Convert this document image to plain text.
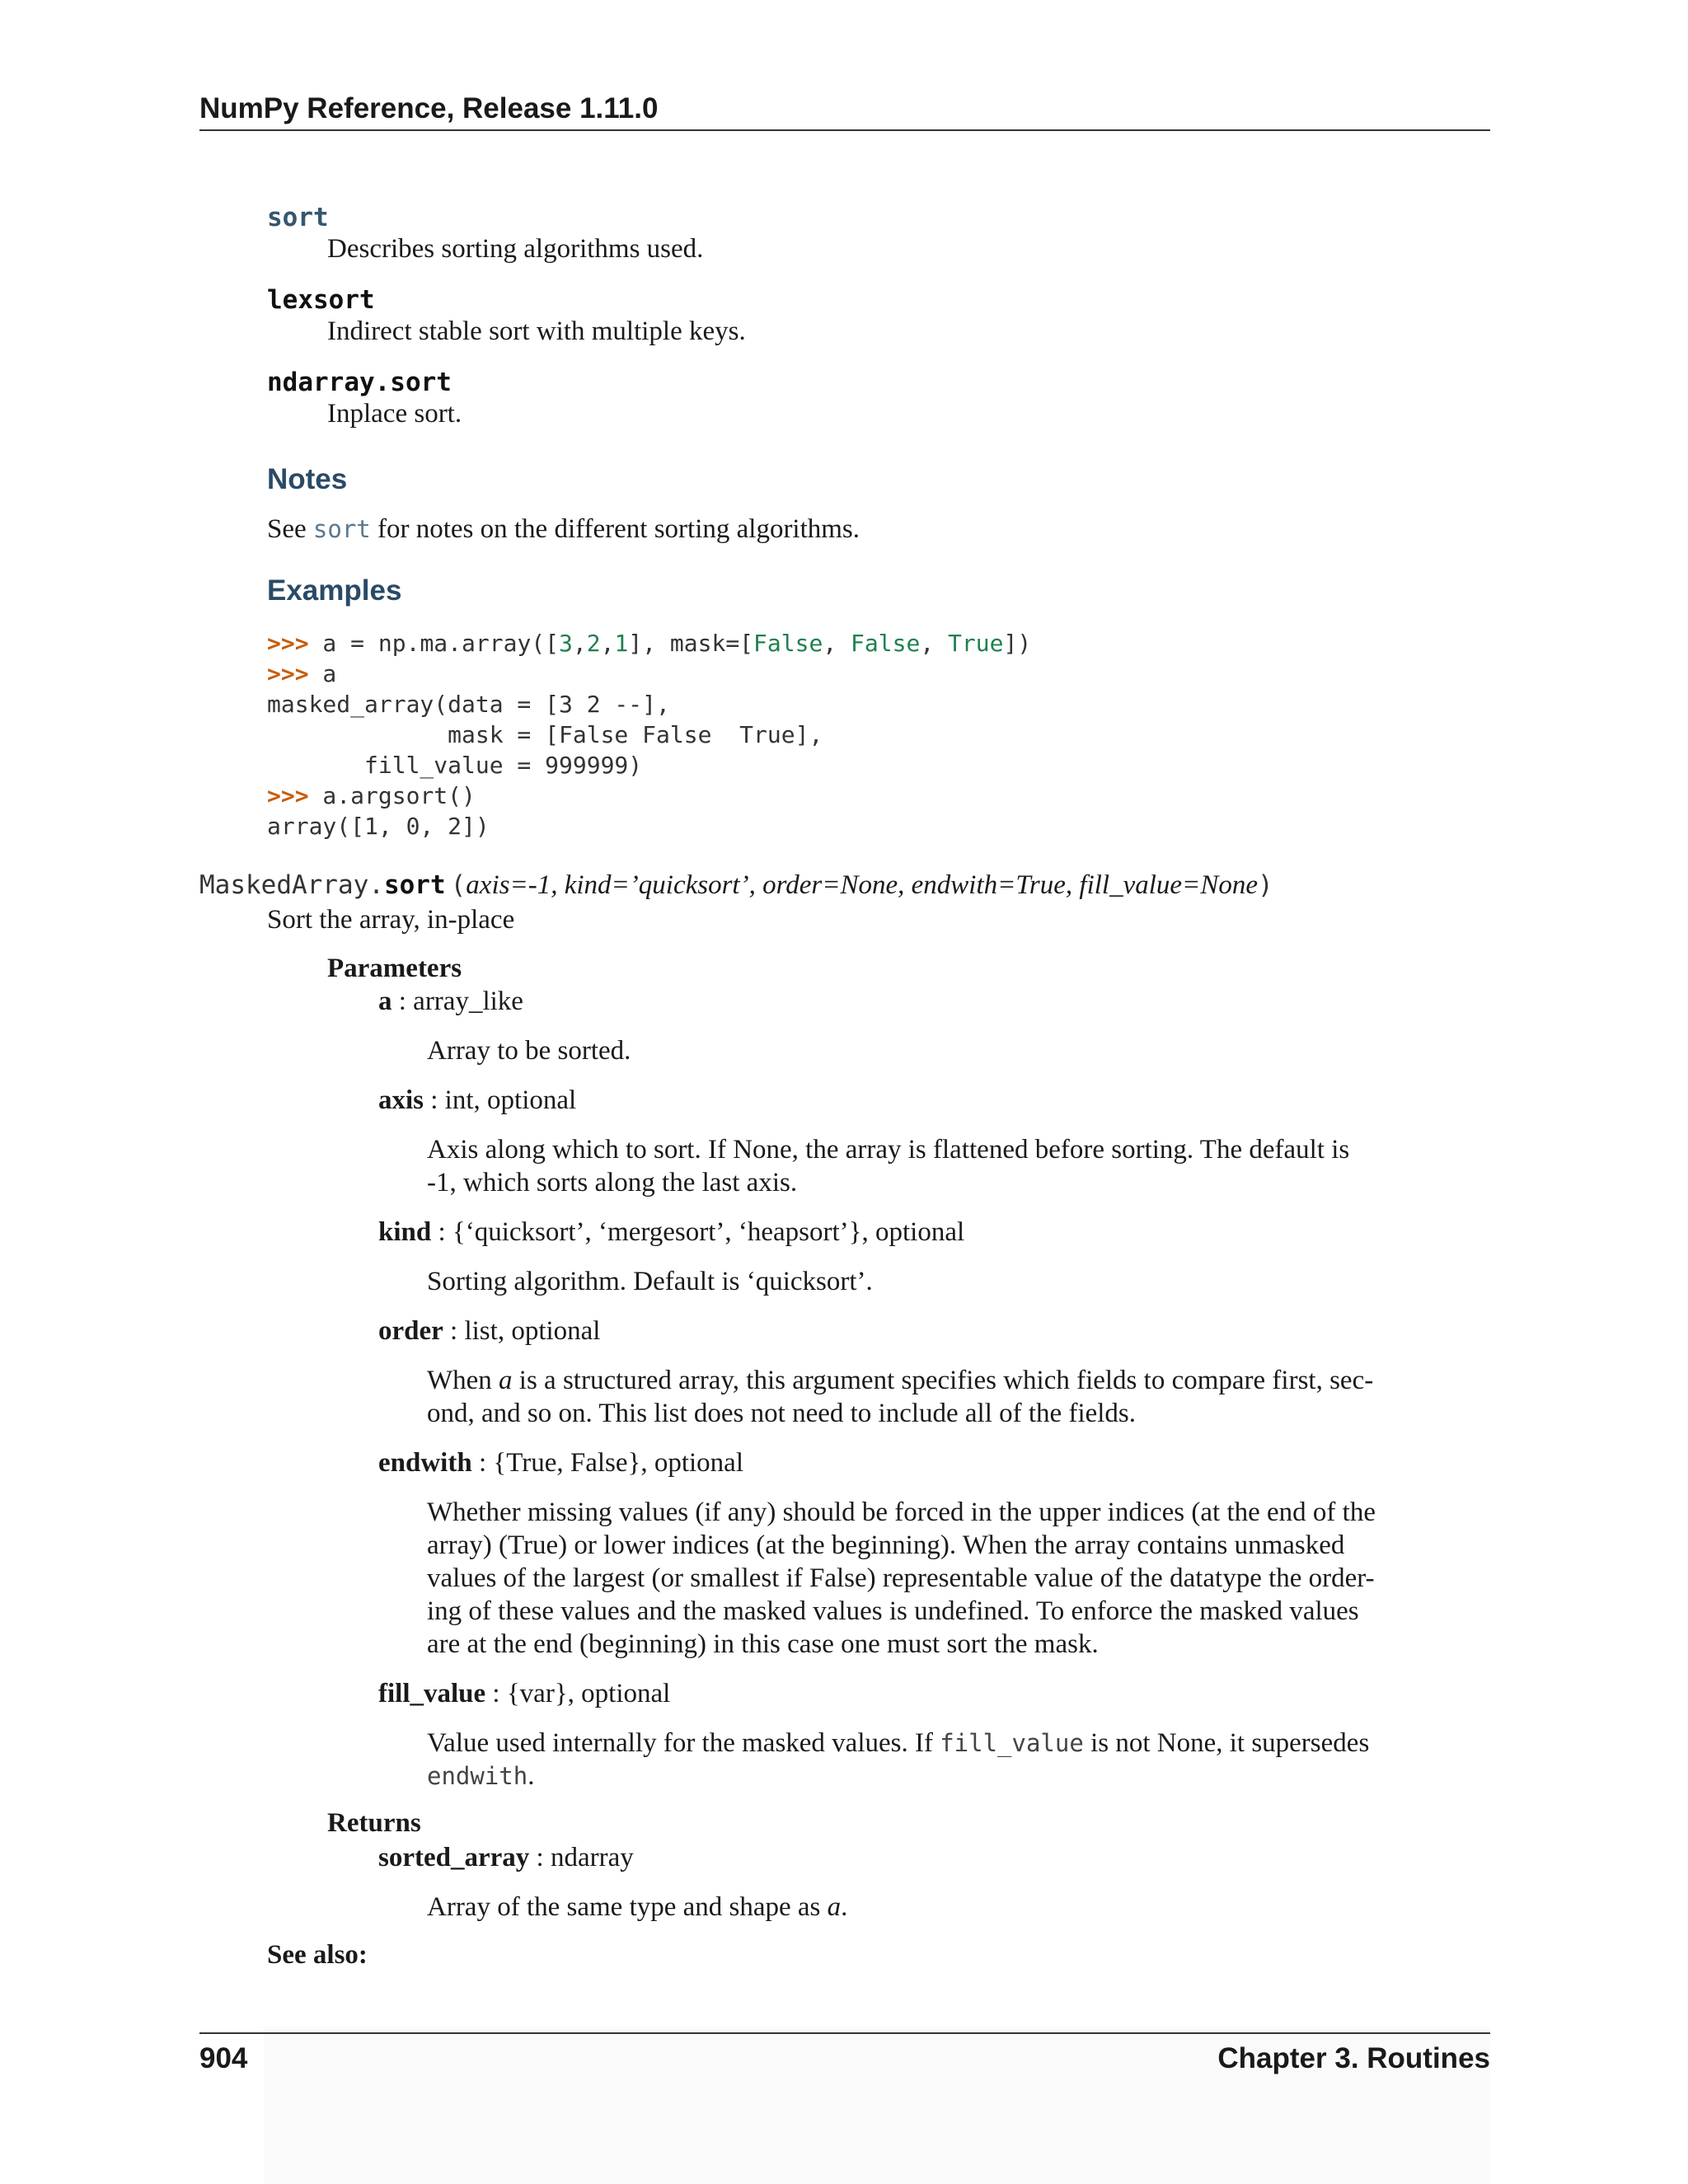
NumPy Reference, Release 1.11.0
sort
Describes sorting algorithms used.
lexsort
Indirect stable sort with multiple keys.
ndarray.sort
Inplace sort.
Notes
See sort for notes on the different sorting algorithms.
Examples
>>> a = np.ma.array([3,2,1], mask=[False, False, True])
>>> a
masked_array(data = [3 2 --],
mask = [False False  True],
fill_value = 999999)
>>> a.argsort()
array([1, 0, 2])
MaskedArray.sort (axis=-1, kind=’quicksort’, order=None, endwith=True, fill_value=None)
Sort the array, in-place
Parameters
a : array_like
Array to be sorted.
axis : int, optional
Axis along which to sort. If None, the array is flattened before sorting. The default is
-1, which sorts along the last axis.
kind : {‘quicksort’, ‘mergesort’, ‘heapsort’}, optional
Sorting algorithm. Default is ‘quicksort’.
order : list, optional
When a is a structured array, this argument specifies which fields to compare first, sec-
ond, and so on. This list does not need to include all of the fields.
endwith : {True, False}, optional
Whether missing values (if any) should be forced in the upper indices (at the end of the
array) (True) or lower indices (at the beginning). When the array contains unmasked
values of the largest (or smallest if False) representable value of the datatype the order-
ing of these values and the masked values is undefined. To enforce the masked values
are at the end (beginning) in this case one must sort the mask.
fill_value : {var}, optional
Value used internally for the masked values. If fill_value is not None, it supersedes
endwith.
Returns
sorted_array : ndarray
Array of the same type and shape as a.
See also:
904	Chapter 3. Routines
